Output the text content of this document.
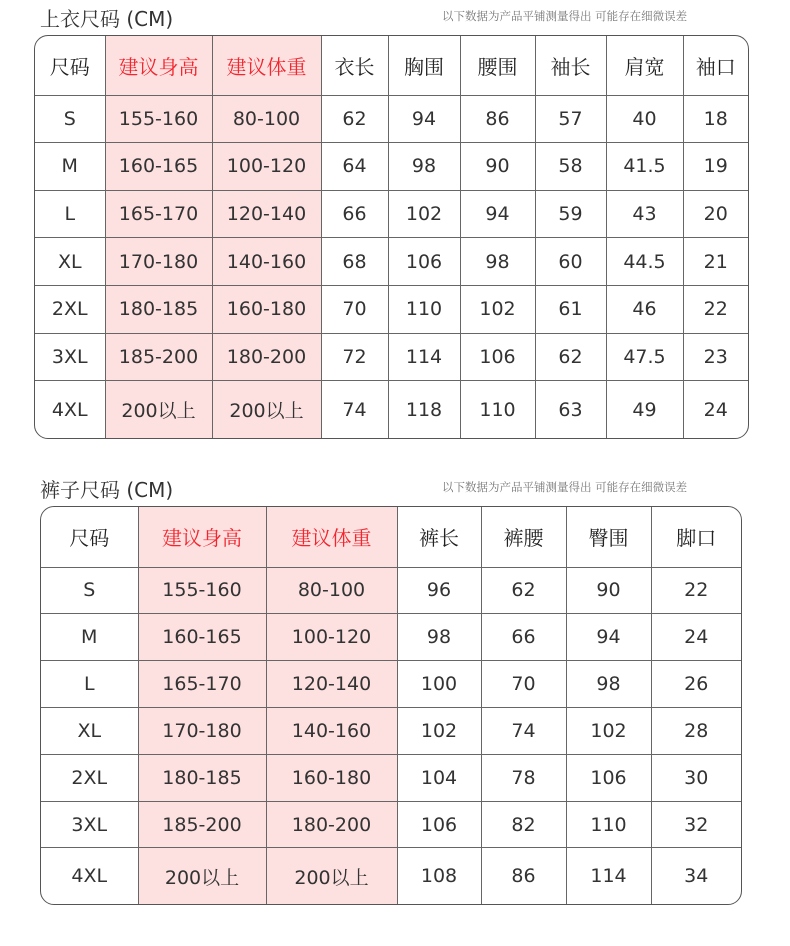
上衣尺码 (CM)	以下数据为产品平铺测量得出 可能存在细微误差
尺码	建议身高	建议体重	衣长	胸围	腰围	袖长	肩宽	袖口
S	155-160	80-100	62	94	86	57	40	18
M	160-165	100-120	64	98	90	58	41.5	19
L	165-170	120-140	66	102	94	59	43	20
XL	170-180	140-160	68	106	98	60	44.5	21
2XL	180-185	160-180	70	110	102	61	46	22
3XL	185-200	180-200	72	114	106	62	47.5	23
4XL	200以上	200以上	74	118	110	63	49	24
裤子尺码 (CM)	以下数据为产品平铺测量得出 可能存在细微误差
尺码	建议身高	建议体重	裤长	裤腰	臀围	脚口
S	155-160	80-100	96	62	90	22
M	160-165	100-120	98	66	94	24
L	165-170	120-140	100	70	98	26
XL	170-180	140-160	102	74	102	28
2XL	180-185	160-180	104	78	106	30
3XL	185-200	180-200	106	82	110	32
4XL	200以上	200以上	108	86	114	34
